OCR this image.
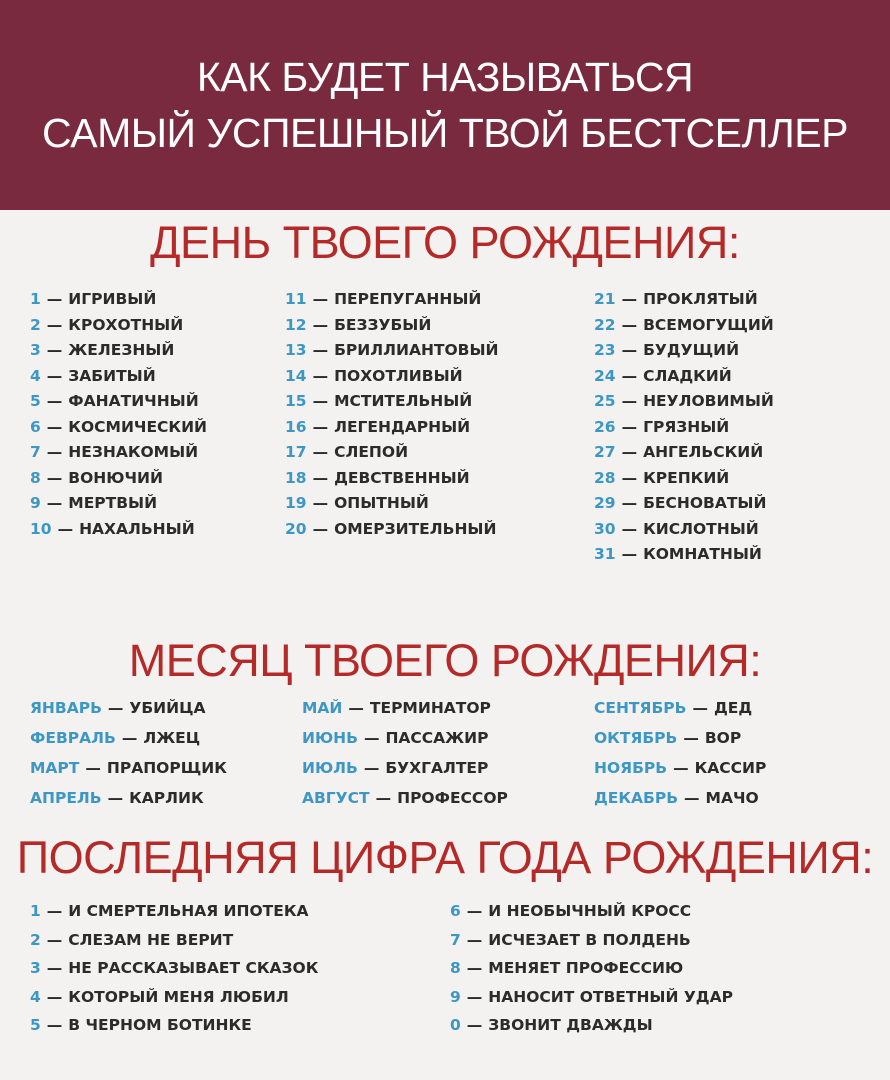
КАК БУДЕТ НАЗЫВАТЬСЯ
САМЫЙ УСПЕШНЫЙ ТВОЙ БЕСТСЕЛЛЕР
ДЕНЬ ТВОЕГО РОЖДЕНИЯ:
1 — ИГРИВЫЙ
2 — КРОХОТНЫЙ
3 — ЖЕЛЕЗНЫЙ
4 — ЗАБИТЫЙ
5 — ФАНАТИЧНЫЙ
6 — КОСМИЧЕСКИЙ
7 — НЕЗНАКОМЫЙ
8 — ВОНЮЧИЙ
9 — МЕРТВЫЙ
10 — НАХАЛЬНЫЙ
11 — ПЕРЕПУГАННЫЙ
12 — БЕЗЗУБЫЙ
13 — БРИЛЛИАНТОВЫЙ
14 — ПОХОТЛИВЫЙ
15 — МСТИТЕЛЬНЫЙ
16 — ЛЕГЕНДАРНЫЙ
17 — СЛЕПОЙ
18 — ДЕВСТВЕННЫЙ
19 — ОПЫТНЫЙ
20 — ОМЕРЗИТЕЛЬНЫЙ
21 — ПРОКЛЯТЫЙ
22 — ВСЕМОГУЩИЙ
23 — БУДУЩИЙ
24 — СЛАДКИЙ
25 — НЕУЛОВИМЫЙ
26 — ГРЯЗНЫЙ
27 — АНГЕЛЬСКИЙ
28 — КРЕПКИЙ
29 — БЕСНОВАТЫЙ
30 — КИСЛОТНЫЙ
31 — КОМНАТНЫЙ
МЕСЯЦ ТВОЕГО РОЖДЕНИЯ:
ЯНВАРЬ — УБИЙЦА
ФЕВРАЛЬ — ЛЖЕЦ
МАРТ — ПРАПОРЩИК
АПРЕЛЬ — КАРЛИК
МАЙ — ТЕРМИНАТОР
ИЮНЬ — ПАССАЖИР
ИЮЛЬ — БУХГАЛТЕР
АВГУСТ — ПРОФЕССОР
СЕНТЯБРЬ — ДЕД
ОКТЯБРЬ — ВОР
НОЯБРЬ — КАССИР
ДЕКАБРЬ — МАЧО
ПОСЛЕДНЯЯ ЦИФРА ГОДА РОЖДЕНИЯ:
1 — И СМЕРТЕЛЬНАЯ ИПОТЕКА
2 — СЛЕЗАМ НЕ ВЕРИТ
3 — НЕ РАССКАЗЫВАЕТ СКАЗОК
4 — КОТОРЫЙ МЕНЯ ЛЮБИЛ
5 — В ЧЕРНОМ БОТИНКЕ
6 — И НЕОБЫЧНЫЙ КРОСС
7 — ИСЧЕЗАЕТ В ПОЛДЕНЬ
8 — МЕНЯЕТ ПРОФЕССИЮ
9 — НАНОСИТ ОТВЕТНЫЙ УДАР
0 — ЗВОНИТ ДВАЖДЫ
